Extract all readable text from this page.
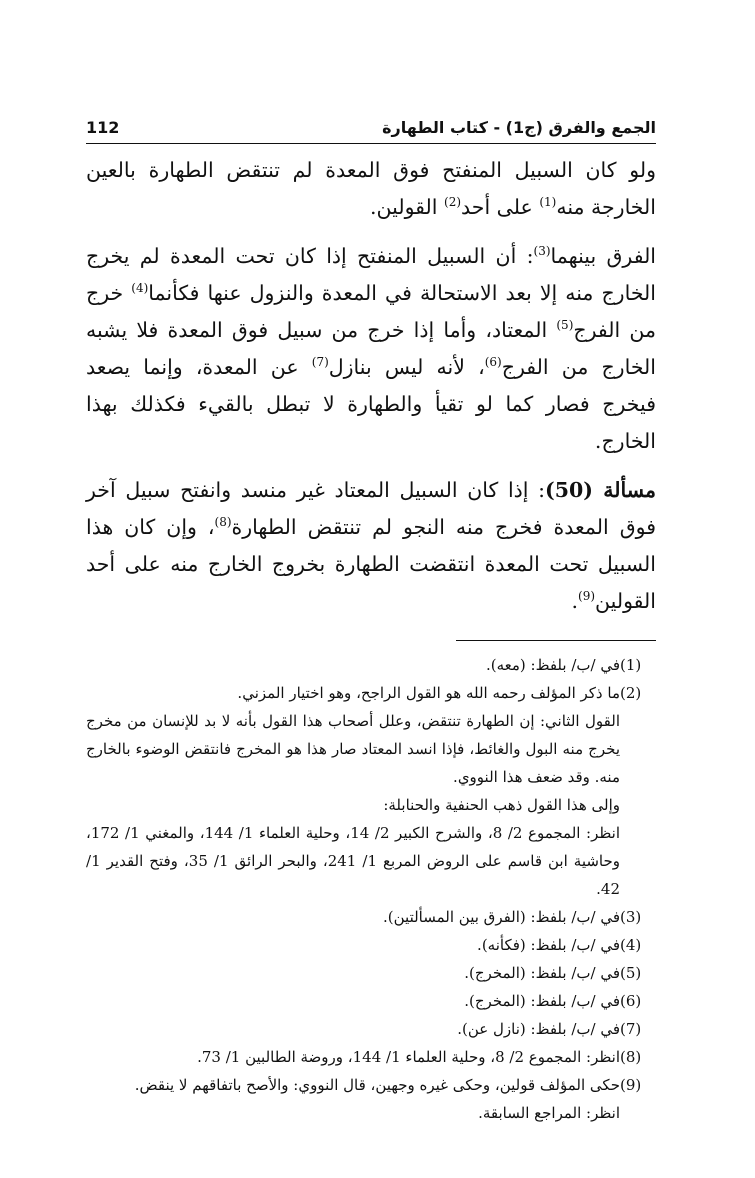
الجمع والفرق (ج1) - كتاب الطهارة
112

ولو كان السبيل المنفتح فوق المعدة لم تنتقض الطهارة بالعين الخارجة منه$^{(1)}$ على أحد$^{(2)}$ القولين.

الفرق بينهما$^{(3)}$: أن السبيل المنفتح إذا كان تحت المعدة لم يخرج الخارج منه إلا بعد الاستحالة في المعدة والنزول عنها فكأنما$^{(4)}$ خرج من الفرج$^{(5)}$ المعتاد، وأما إذا خرج من سبيل فوق المعدة فلا يشبه الخارج من الفرج$^{(6)}$، لأنه ليس بنازل$^{(7)}$ عن المعدة، وإنما يصعد فيخرج فصار كما لو تقيأ والطهارة لا تبطل بالقيء فكذلك بهذا الخارج.

مسألة (50): إذا كان السبيل المعتاد غير منسد وانفتح سبيل آخر فوق المعدة فخرج منه النجو لم تنتقض الطهارة$^{(8)}$، وإن كان هذا السبيل تحت المعدة انتقضت الطهارة بخروج الخارج منه على أحد القولين$^{(9)}$.

(1)

في /ب/ بلفظ: (معه).

(2)

ما ذكر المؤلف رحمه الله هو القول الراجح، وهو اختيار المزني.

القول الثاني: إن الطهارة تنتقض، وعلل أصحاب هذا القول بأنه لا بد للإنسان من مخرج يخرج منه البول والغائط، فإذا انسد المعتاد صار هذا هو المخرج فانتقض الوضوء بالخارج منه. وقد ضعف هذا النووي.

وإلى هذا القول ذهب الحنفية والحنابلة:

انظر: المجموع 2/ 8، والشرح الكبير 2/ 14، وحلية العلماء 1/ 144، والمغني 1/ 172، وحاشية ابن قاسم على الروض المربع 1/ 241، والبحر الرائق 1/ 35، وفتح القدير 1/ 42.

(3)

في /ب/ بلفظ: (الفرق بين المسألتين).

(4)

في /ب/ بلفظ: (فكأنه).

(5)

في /ب/ بلفظ: (المخرج).

(6)

في /ب/ بلفظ: (المخرج).

(7)

في /ب/ بلفظ: (نازل عن).

(8)

انظر: المجموع 2/ 8، وحلية العلماء 1/ 144، وروضة الطالبين 1/ 73.

(9)

حكى المؤلف قولين، وحكى غيره وجهين، قال النووي: والأصح باتفاقهم لا ينقض.

انظر: المراجع السابقة.
